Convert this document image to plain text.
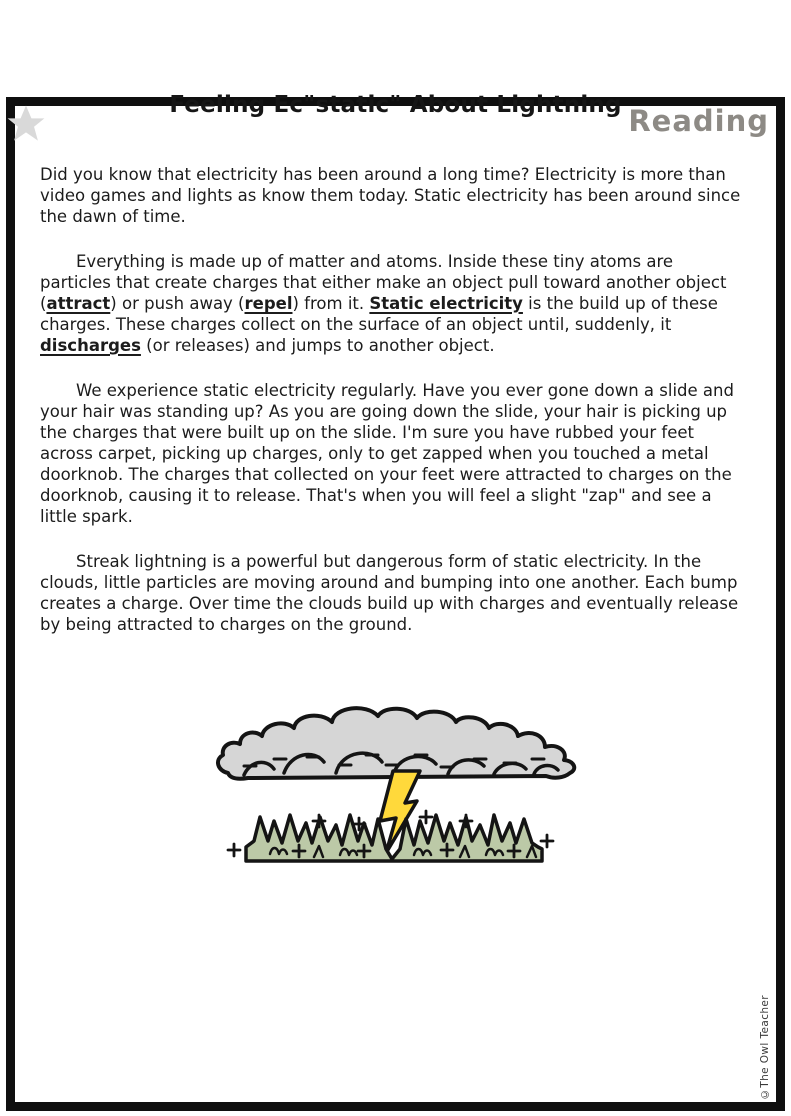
Reading
Feeling Ec"static" About Lightning

Did you know that electricity has been around a long time? Electricity is more than video games and lights as know them today. Static electricity has been around since the dawn of time.

Everything is made up of matter and atoms. Inside these tiny atoms are particles that create charges that either make an object pull toward another object (attract) or push away (repel) from it. Static electricity is the build up of these charges. These charges collect on the surface of an object until, suddenly, it discharges (or releases) and jumps to another object.

We experience static electricity regularly. Have you ever gone down a slide and your hair was standing up? As you are going down the slide, your hair is picking up the charges that were built up on the slide. I'm sure you have rubbed your feet across carpet, picking up charges, only to get zapped when you touched a metal doorknob. The charges that collected on your feet were attracted to charges on the doorknob, causing it to release. That's when you will feel a slight "zap" and see a little spark.

Streak lightning is a powerful but dangerous form of static electricity. In the clouds, little particles are moving around and bumping into one another. Each bump creates a charge. Over time the clouds build up with charges and eventually release by being attracted to charges on the ground.

©The Owl Teacher
